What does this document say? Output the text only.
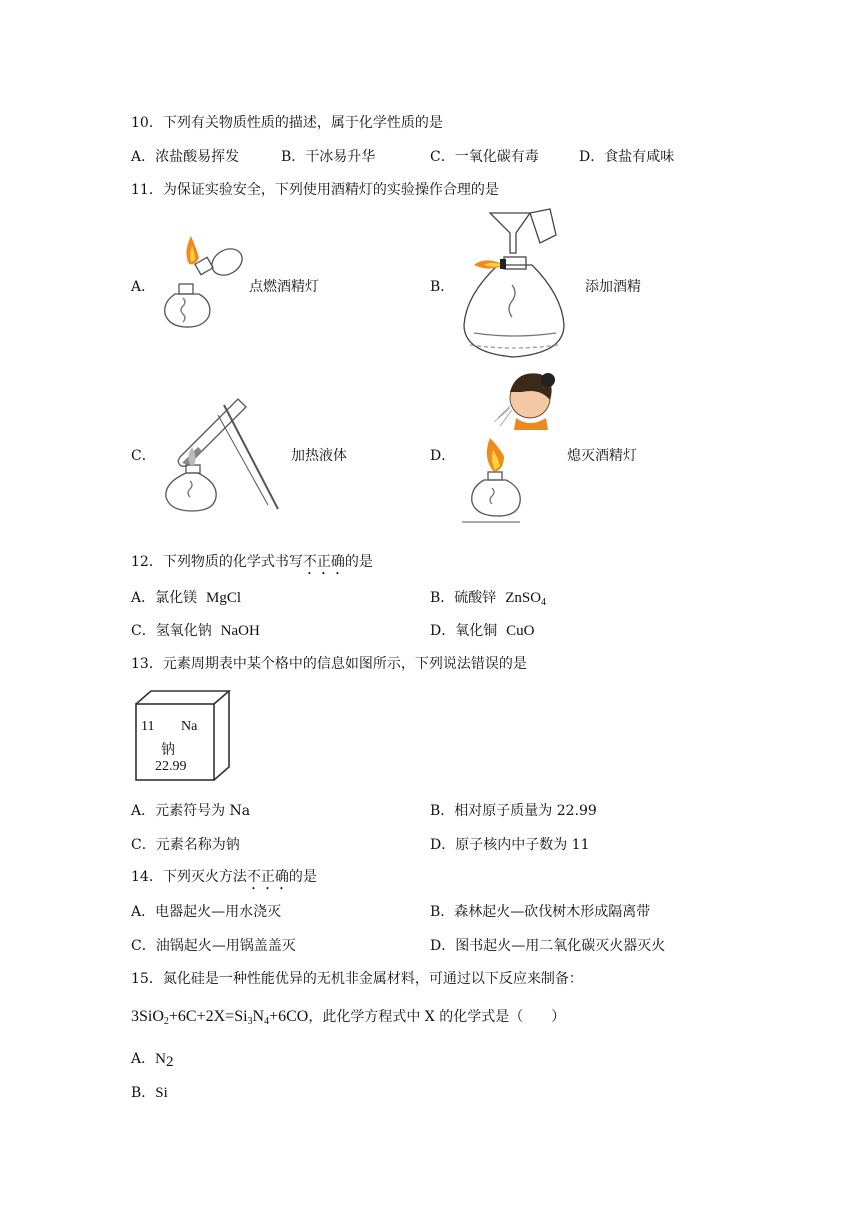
10．下列有关物质性质的描述，属于化学性质的是
A．浓盐酸易挥发	B．干冰易升华	C．一氧化碳有毒	D．食盐有咸味
11．为保证实验安全，下列使用酒精灯的实验操作合理的是
A．	点燃酒精灯	B．	添加酒精
C．	加热液体	D．	熄灭酒精灯
12．下列物质的化学式书写不正确的是
A．氯化镁 MgCl	B．硫酸锌 ZnSO$_4$
C．氢氧化钠 NaOH	D．氧化铜 CuO
13．元素周期表中某个格中的信息如图所示，下列说法错误的是
11 Na
钠
22.99
A．元素符号为 Na	B．相对原子质量为 22.99
C．元素名称为钠	D．原子核内中子数为 11
14．下列灭火方法不正确的是
A．电器起火—用水浇灭	B．森林起火—砍伐树木形成隔离带
C．油锅起火—用锅盖盖灭	D．图书起火—用二氧化碳灭火器灭火
15．氮化硅是一种性能优异的无机非金属材料，可通过以下反应来制备：
$3SiO_2+6C+2X=Si_3N_4+6CO$，此化学方程式中 X 的化学式是（　　）
A．$N_2$
B．Si
